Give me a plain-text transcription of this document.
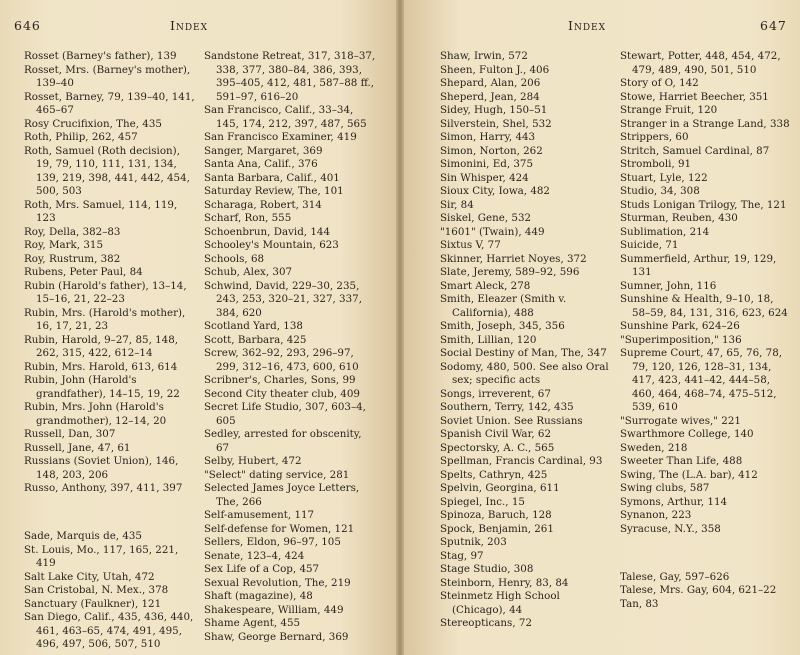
646	Index

Rosset (Barney's father), 139

Rosset, Mrs. (Barney's mother), 139–40

Rosset, Barney, 79, 139–40, 141, 465–67

Rosy Crucifixion, The, 435

Roth, Philip, 262, 457

Roth, Samuel (Roth decision), 19, 79, 110, 111, 131, 134, 139, 219, 398, 441, 442, 454, 500, 503

Roth, Mrs. Samuel, 114, 119, 123

Roy, Della, 382–83

Roy, Mark, 315

Roy, Rustrum, 382

Rubens, Peter Paul, 84

Rubin (Harold's father), 13–14, 15–16, 21, 22–23

Rubin, Mrs. (Harold's mother), 16, 17, 21, 23

Rubin, Harold, 9–27, 85, 148, 262, 315, 422, 612–14

Rubin, Mrs. Harold, 613, 614

Rubin, John (Harold's grandfather), 14–15, 19, 22

Rubin, Mrs. John (Harold's grandmother), 12–14, 20

Russell, Dan, 307

Russell, Jane, 47, 61

Russians (Soviet Union), 146, 148, 203, 206

Russo, Anthony, 397, 411, 397

Sade, Marquis de, 435

St. Louis, Mo., 117, 165, 221, 419

Salt Lake City, Utah, 472

San Cristobal, N. Mex., 378

Sanctuary (Faulkner), 121

San Diego, Calif., 435, 436, 440, 461, 463–65, 474, 491, 495, 496, 497, 506, 507, 510

Sandstone Retreat, 317, 318–37, 338, 377, 380–84, 386, 393, 395–405, 412, 481, 587–88 ff., 591–97, 616–20

San Francisco, Calif., 33–34, 145, 174, 212, 397, 487, 565

San Francisco Examiner, 419

Sanger, Margaret, 369

Santa Ana, Calif., 376

Santa Barbara, Calif., 401

Saturday Review, The, 101

Scharaga, Robert, 314

Scharf, Ron, 555

Schoenbrun, David, 144

Schooley's Mountain, 623

Schools, 68

Schub, Alex, 307

Schwind, David, 229–30, 235, 243, 253, 320–21, 327, 337, 384, 620

Scotland Yard, 138

Scott, Barbara, 425

Screw, 362–92, 293, 296–97, 299, 312–16, 473, 600, 610

Scribner's, Charles, Sons, 99

Second City theater club, 409

Secret Life Studio, 307, 603–4, 605

Sedley, arrested for obscenity, 67

Selby, Hubert, 472

"Select" dating service, 281

Selected James Joyce Letters, The, 266

Self-amusement, 117

Self-defense for Women, 121

Sellers, Eldon, 96–97, 105

Senate, 123–4, 424

Sex Life of a Cop, 457

Sexual Revolution, The, 219

Shaft (magazine), 48

Shakespeare, William, 449

Shame Agent, 455

Shaw, George Bernard, 369

Index	647

Shaw, Irwin, 572

Sheen, Fulton J., 406

Shepard, Alan, 206

Sheperd, Jean, 284

Sidey, Hugh, 150–51

Silverstein, Shel, 532

Simon, Harry, 443

Simon, Norton, 262

Simonini, Ed, 375

Sin Whisper, 424

Sioux City, Iowa, 482

Sir, 84

Siskel, Gene, 532

"1601" (Twain), 449

Sixtus V, 77

Skinner, Harriet Noyes, 372

Slate, Jeremy, 589–92, 596

Smart Aleck, 278

Smith, Eleazer (Smith v. California), 488

Smith, Joseph, 345, 356

Smith, Lillian, 120

Social Destiny of Man, The, 347

Sodomy, 480, 500. See also Oral sex; specific acts

Songs, irreverent, 67

Southern, Terry, 142, 435

Soviet Union. See Russians

Spanish Civil War, 62

Spectorsky, A. C., 565

Spellman, Francis Cardinal, 93

Spelts, Cathryn, 425

Spelvin, Georgina, 611

Spiegel, Inc., 15

Spinoza, Baruch, 128

Spock, Benjamin, 261

Sputnik, 203

Stag, 97

Stage Studio, 308

Steinborn, Henry, 83, 84

Steinmetz High School (Chicago), 44

Stereopticans, 72

Stewart, Potter, 448, 454, 472, 479, 489, 490, 501, 510

Story of O, 142

Stowe, Harriet Beecher, 351

Strange Fruit, 120

Stranger in a Strange Land, 338

Strippers, 60

Stritch, Samuel Cardinal, 87

Stromboli, 91

Stuart, Lyle, 122

Studio, 34, 308

Studs Lonigan Trilogy, The, 121

Sturman, Reuben, 430

Sublimation, 214

Suicide, 71

Summerfield, Arthur, 19, 129, 131

Sumner, John, 116

Sunshine & Health, 9–10, 18, 58–59, 84, 131, 316, 623, 624

Sunshine Park, 624–26

"Superimposition," 136

Supreme Court, 47, 65, 76, 78, 79, 120, 126, 128–31, 134, 417, 423, 441–42, 444–58, 460, 464, 468–74, 475–512, 539, 610

"Surrogate wives," 221

Swarthmore College, 140

Sweden, 218

Sweeter Than Life, 488

Swing, The (L.A. bar), 412

Swing clubs, 587

Symons, Arthur, 114

Synanon, 223

Syracuse, N.Y., 358

Talese, Gay, 597–626

Talese, Mrs. Gay, 604, 621–22

Tan, 83
